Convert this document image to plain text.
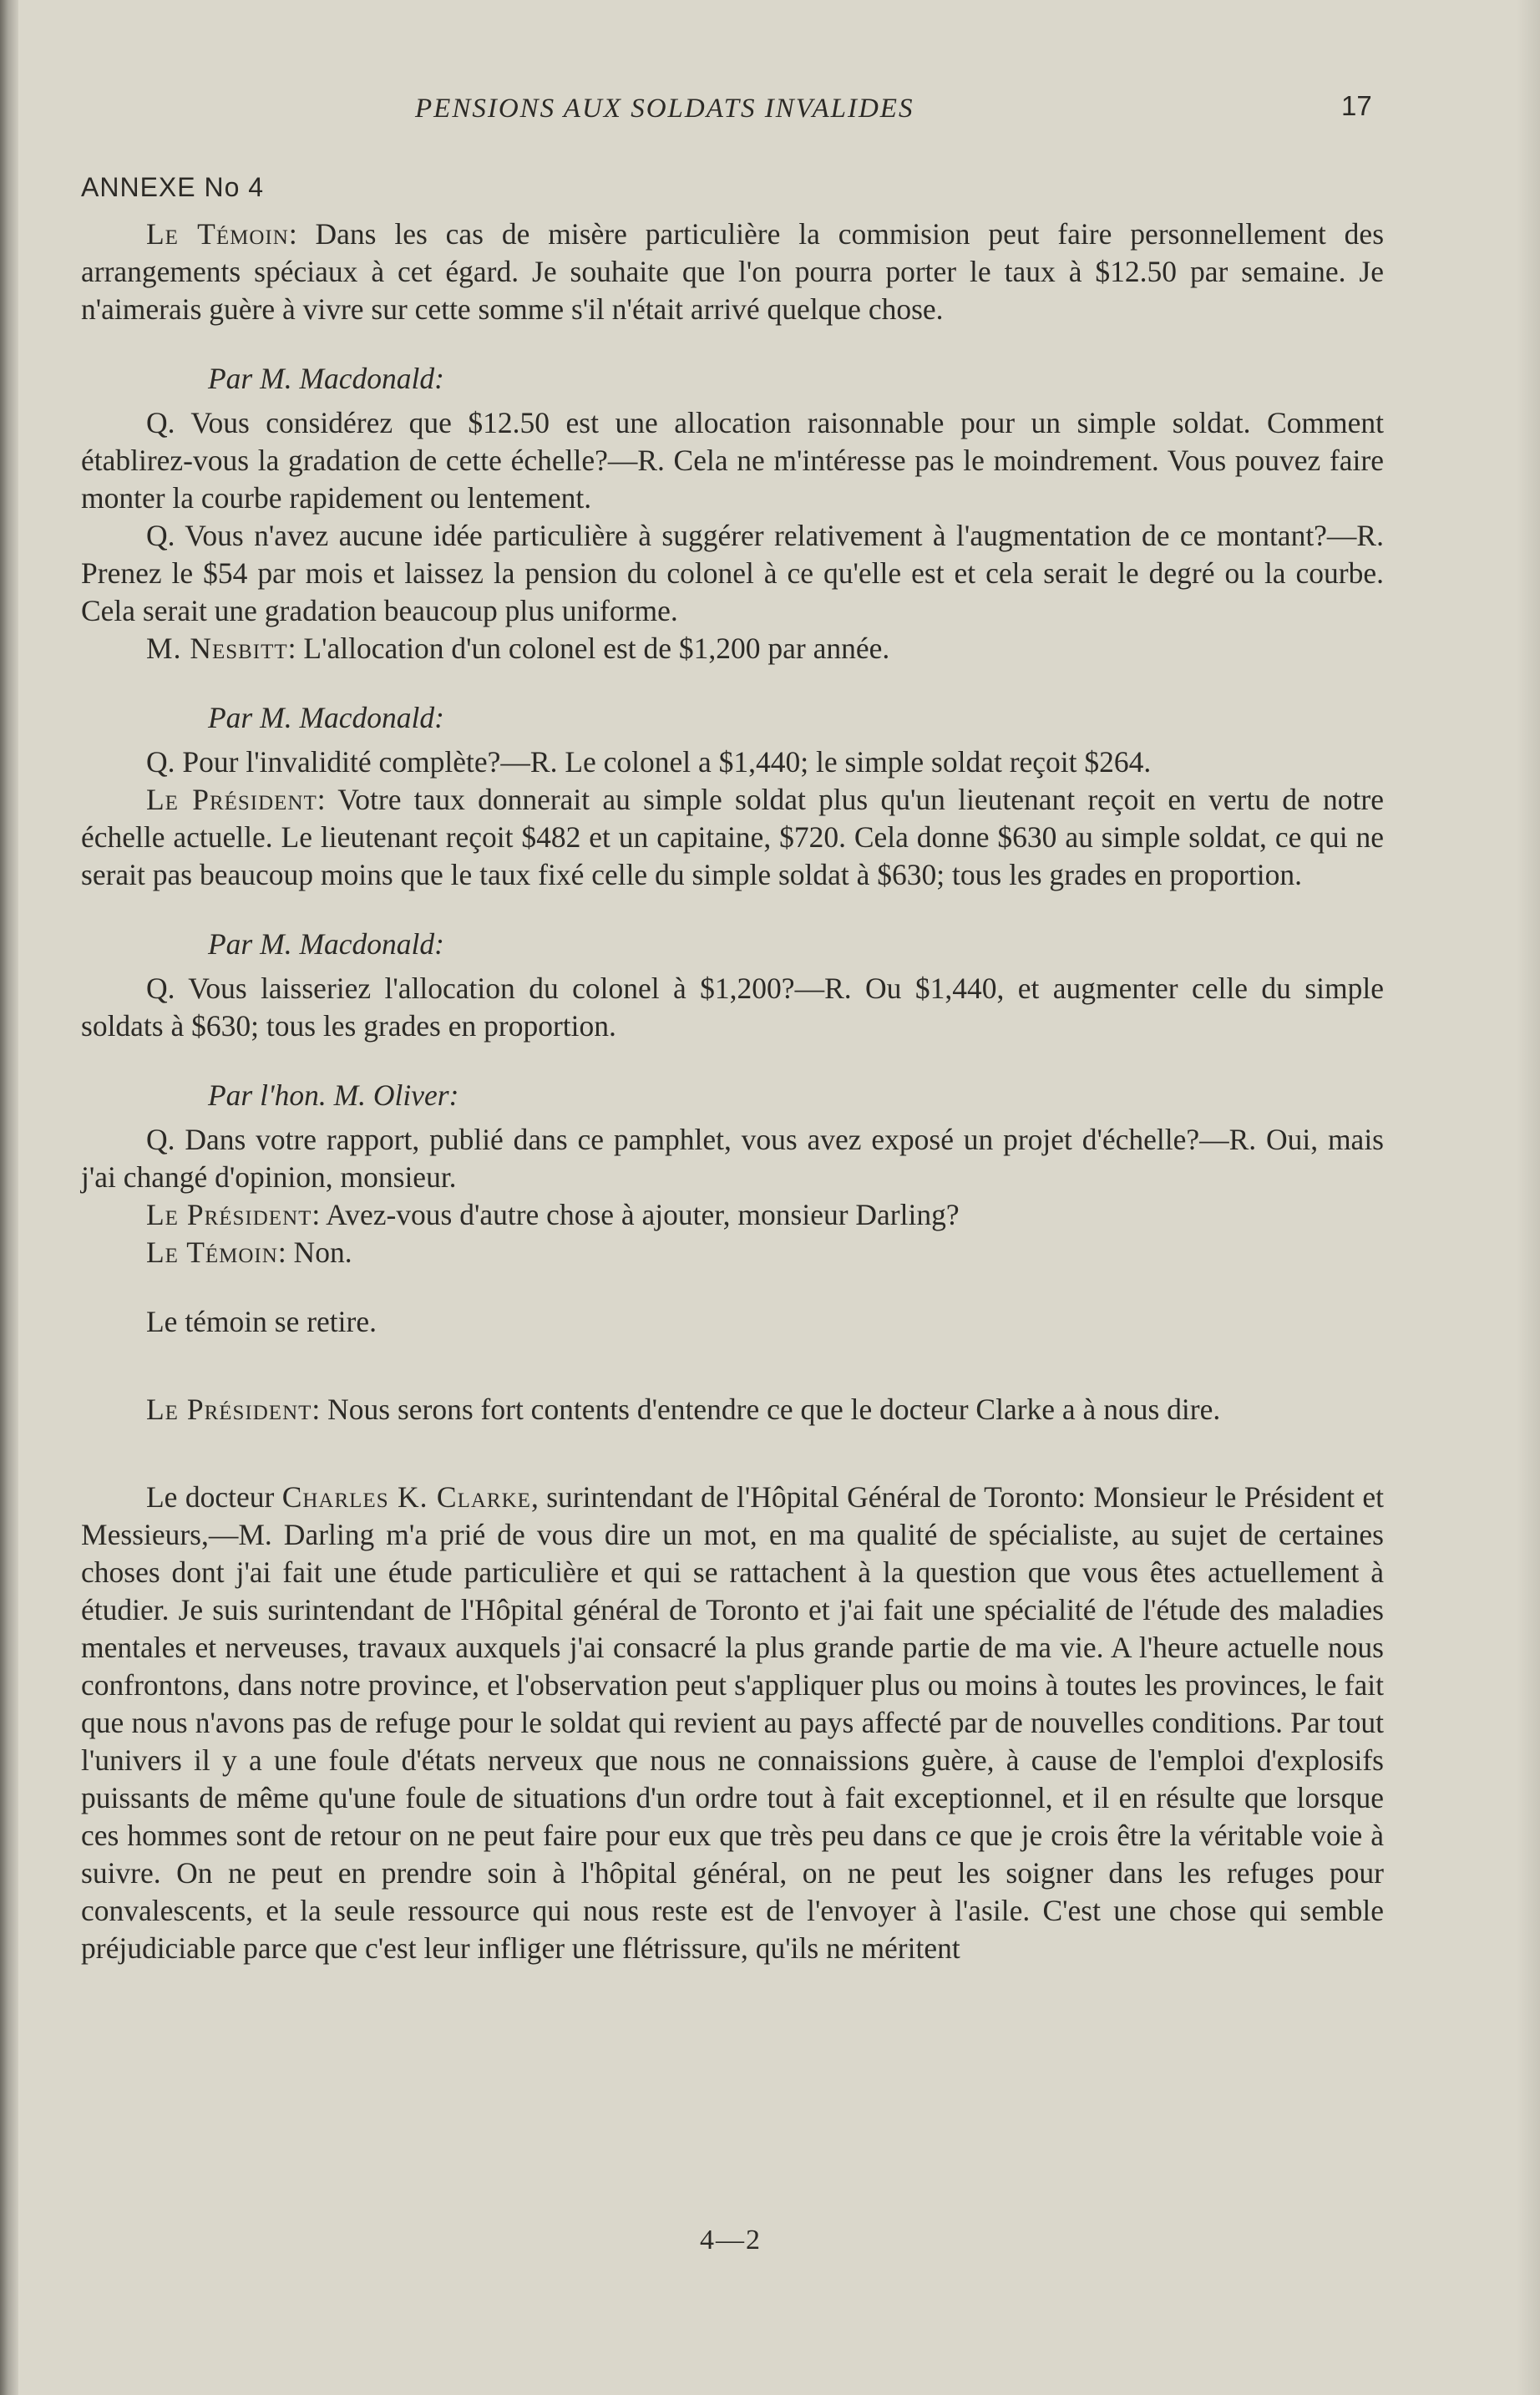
PENSIONS AUX SOLDATS INVALIDES	17
ANNEXE No 4

Le Témoin: Dans les cas de misère particulière la commision peut faire personnellement des arrangements spéciaux à cet égard. Je souhaite que l'on pourra porter le taux à $12.50 par semaine. Je n'aimerais guère à vivre sur cette somme s'il n'était arrivé quelque chose.

Par M. Macdonald:

Q. Vous considérez que $12.50 est une allocation raisonnable pour un simple soldat. Comment établirez-vous la gradation de cette échelle?—R. Cela ne m'intéresse pas le moindrement. Vous pouvez faire monter la courbe rapidement ou lentement.

Q. Vous n'avez aucune idée particulière à suggérer relativement à l'augmentation de ce montant?—R. Prenez le $54 par mois et laissez la pension du colonel à ce qu'elle est et cela serait le degré ou la courbe. Cela serait une gradation beaucoup plus uniforme.

M. Nesbitt: L'allocation d'un colonel est de $1,200 par année.

Par M. Macdonald:

Q. Pour l'invalidité complète?—R. Le colonel a $1,440; le simple soldat reçoit $264.

Le Président: Votre taux donnerait au simple soldat plus qu'un lieutenant reçoit en vertu de notre échelle actuelle. Le lieutenant reçoit $482 et un capitaine, $720. Cela donne $630 au simple soldat, ce qui ne serait pas beaucoup moins que le taux fixé celle du simple soldat à $630; tous les grades en proportion.

Par M. Macdonald:

Q. Vous laisseriez l'allocation du colonel à $1,200?—R. Ou $1,440, et augmenter celle du simple soldats à $630; tous les grades en proportion.

Par l'hon. M. Oliver:

Q. Dans votre rapport, publié dans ce pamphlet, vous avez exposé un projet d'échelle?—R. Oui, mais j'ai changé d'opinion, monsieur.

Le Président: Avez-vous d'autre chose à ajouter, monsieur Darling?

Le Témoin: Non.

Le témoin se retire.

Le Président: Nous serons fort contents d'entendre ce que le docteur Clarke a à nous dire.

Le docteur Charles K. Clarke, surintendant de l'Hôpital Général de Toronto: Monsieur le Président et Messieurs,—M. Darling m'a prié de vous dire un mot, en ma qualité de spécialiste, au sujet de certaines choses dont j'ai fait une étude particulière et qui se rattachent à la question que vous êtes actuellement à étudier. Je suis surintendant de l'Hôpital général de Toronto et j'ai fait une spécialité de l'étude des maladies mentales et nerveuses, travaux auxquels j'ai consacré la plus grande partie de ma vie. A l'heure actuelle nous confrontons, dans notre province, et l'observation peut s'appliquer plus ou moins à toutes les provinces, le fait que nous n'avons pas de refuge pour le soldat qui revient au pays affecté par de nouvelles conditions. Par tout l'univers il y a une foule d'états nerveux que nous ne connaissions guère, à cause de l'emploi d'explosifs puissants de même qu'une foule de situations d'un ordre tout à fait exceptionnel, et il en résulte que lorsque ces hommes sont de retour on ne peut faire pour eux que très peu dans ce que je crois être la véritable voie à suivre. On ne peut en prendre soin à l'hôpital général, on ne peut les soigner dans les refuges pour convalescents, et la seule ressource qui nous reste est de l'envoyer à l'asile. C'est une chose qui semble préjudiciable parce que c'est leur infliger une flétrissure, qu'ils ne méritent

4—2
